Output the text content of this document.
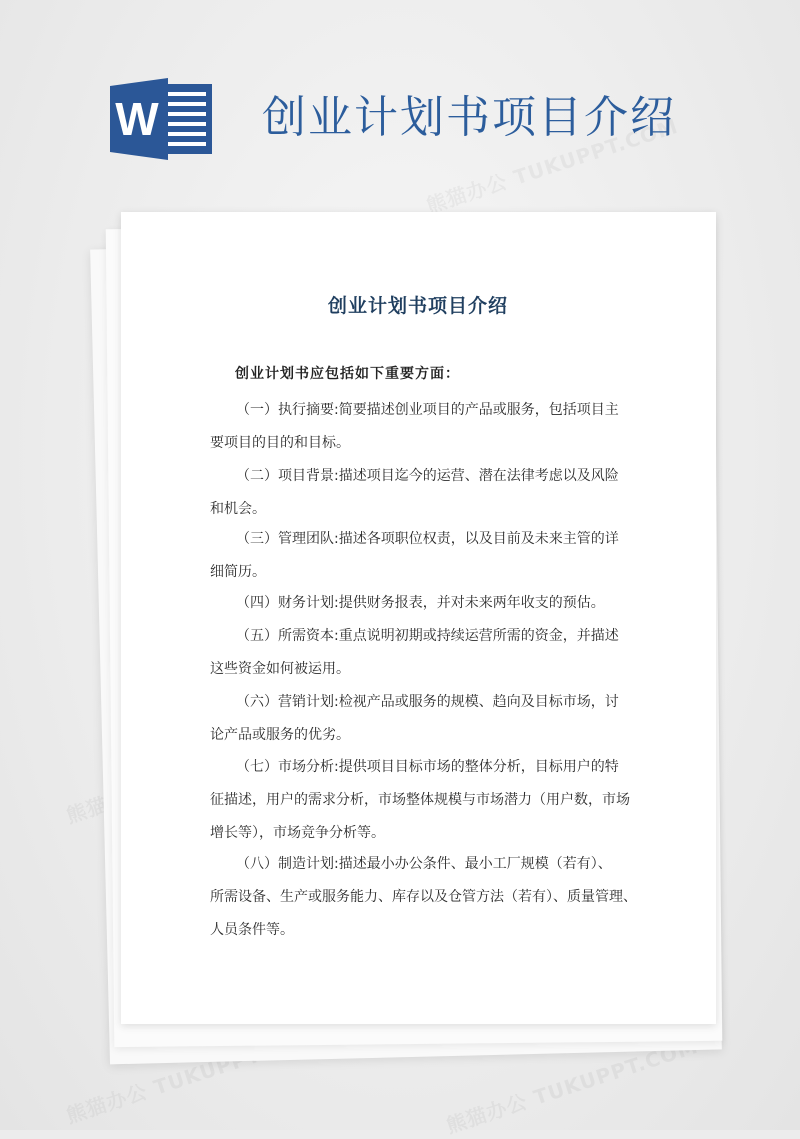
W 创业计划书项目介绍
创业计划书项目介绍
创业计划书应包括如下重要方面：

（一）执行摘要:简要描述创业项目的产品或服务，包括项目主

要项目的目的和目标。

（二）项目背景:描述项目迄今的运营、潜在法律考虑以及风险

和机会。

（三）管理团队:描述各项职位权责，以及目前及未来主管的详

细简历。

（四）财务计划:提供财务报表，并对未来两年收支的预估。

（五）所需资本:重点说明初期或持续运营所需的资金，并描述

这些资金如何被运用。

（六）营销计划:检视产品或服务的规模、趋向及目标市场，讨

论产品或服务的优劣。

（七）市场分析:提供项目目标市场的整体分析，目标用户的特

征描述，用户的需求分析，市场整体规模与市场潜力（用户数，市场

增长等），市场竞争分析等。

（八）制造计划:描述最小办公条件、最小工厂规模（若有）、

所需设备、生产或服务能力、库存以及仓管方法（若有）、质量管理、

人员条件等。
